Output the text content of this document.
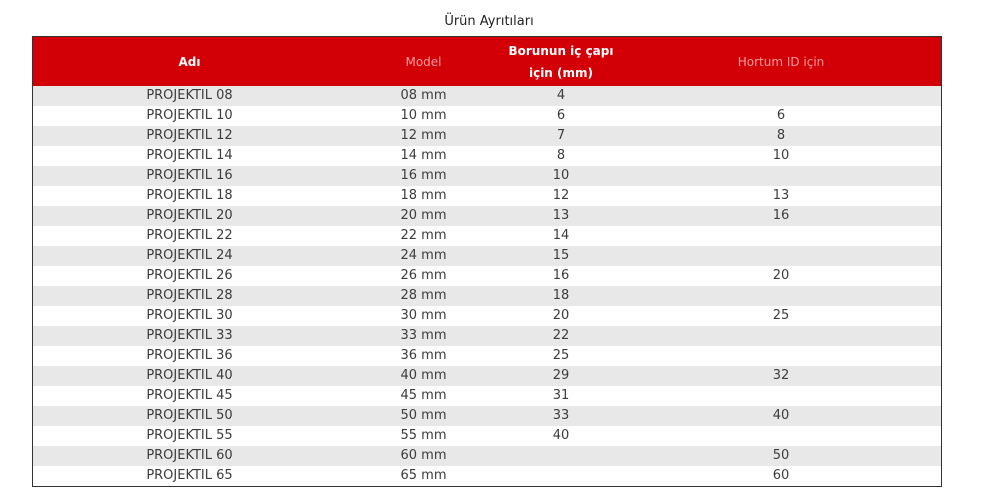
Ürün Ayrıtıları
Adı	Model	Borunun iç çapı için (mm)	Hortum ID için
PROJEKTIL 08	08 mm	4	
PROJEKTIL 10	10 mm	6	6
PROJEKTIL 12	12 mm	7	8
PROJEKTIL 14	14 mm	8	10
PROJEKTIL 16	16 mm	10	
PROJEKTIL 18	18 mm	12	13
PROJEKTIL 20	20 mm	13	16
PROJEKTIL 22	22 mm	14	
PROJEKTIL 24	24 mm	15	
PROJEKTIL 26	26 mm	16	20
PROJEKTIL 28	28 mm	18	
PROJEKTIL 30	30 mm	20	25
PROJEKTIL 33	33 mm	22	
PROJEKTIL 36	36 mm	25	
PROJEKTIL 40	40 mm	29	32
PROJEKTIL 45	45 mm	31	
PROJEKTIL 50	50 mm	33	40
PROJEKTIL 55	55 mm	40	
PROJEKTIL 60	60 mm		50
PROJEKTIL 65	65 mm		60
